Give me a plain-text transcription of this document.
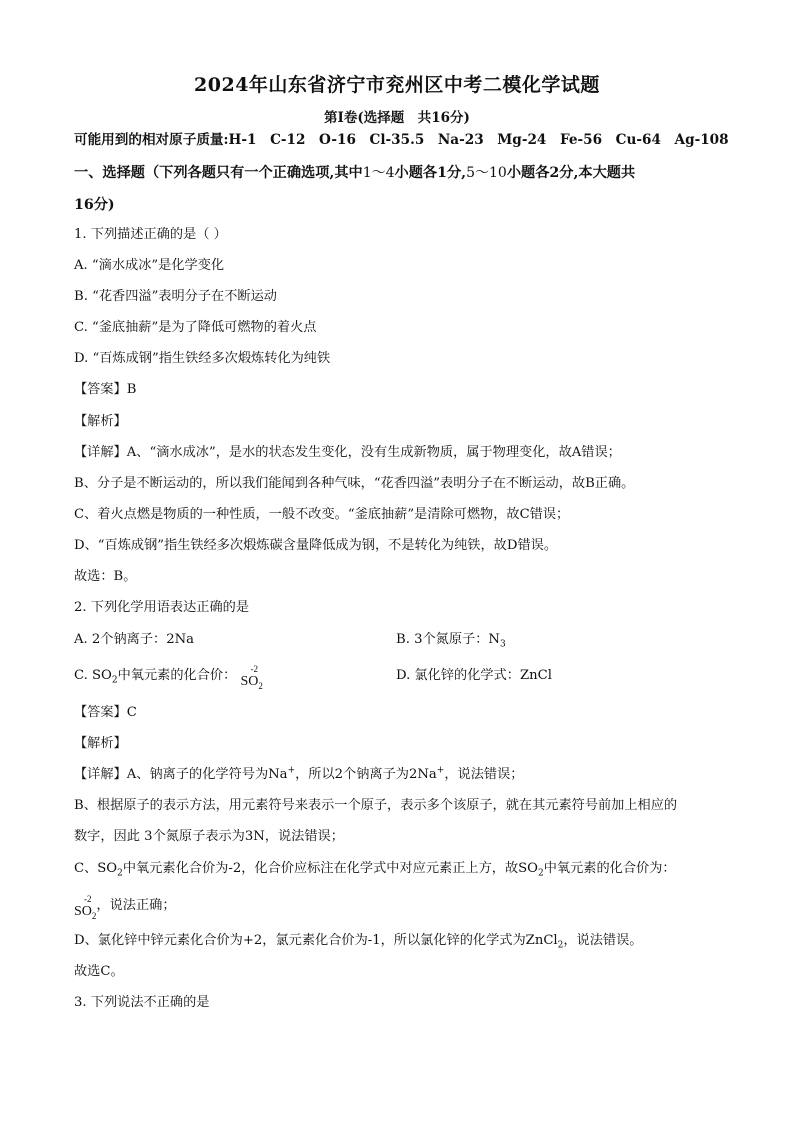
2024年山东省济宁市兖州区中考二模化学试题
第Ⅰ卷(选择题　共16分)
可能用到的相对原子质量:H-1　C-12　O-16　Cl-35.5　Na-23　Mg-24　Fe-56　Cu-64　Ag-108
一、选择题（下列各题只有一个正确选项,其中1～4小题各1分,5～10小题各2分,本大题共
16分)
1. 下列描述正确的是（ ）
A. “滴水成冰”是化学变化
B. “花香四溢”表明分子在不断运动
C. “釜底抽薪”是为了降低可燃物的着火点
D. “百炼成钢”指生铁经多次煅炼转化为纯铁
【答案】B
【解析】
【详解】A、“滴水成冰”，是水的状态发生变化，没有生成新物质，属于物理变化，故A错误；
B、分子是不断运动的，所以我们能闻到各种气味，“花香四溢”表明分子在不断运动，故B正确。
C、着火点燃是物质的一种性质，一般不改变。“釜底抽薪”是清除可燃物，故C错误；
D、“百炼成钢”指生铁经多次煅炼碳含量降低成为钢，不是转化为纯铁，故D错误。
故选：B。
2. 下列化学用语表达正确的是
A. 2个钠离子：2Na	B. 3个氮原子：$N_3$
C. $SO_2$中氧元素的化合价： -2
$SO_2$
D. 氯化锌的化学式：ZnCl
【答案】C
【解析】
【详解】A、钠离子的化学符号为Na+，所以2个钠离子为2Na+，说法错误；
B、根据原子的表示方法，用元素符号来表示一个原子，表示多个该原子，就在其元素符号前加上相应的
数字，因此 3个氮原子表示为3N，说法错误；
C、$SO_2$中氧元素化合价为-2，化合价应标注在化学式中对应元素正上方，故$SO_2$中氧元素的化合价为：
-2
$SO_2$，说法正确；
D、氯化锌中锌元素化合价为+2，氯元素化合价为-1，所以氯化锌的化学式为ZnCl$_2$，说法错误。
故选C。
3. 下列说法不正确的是
